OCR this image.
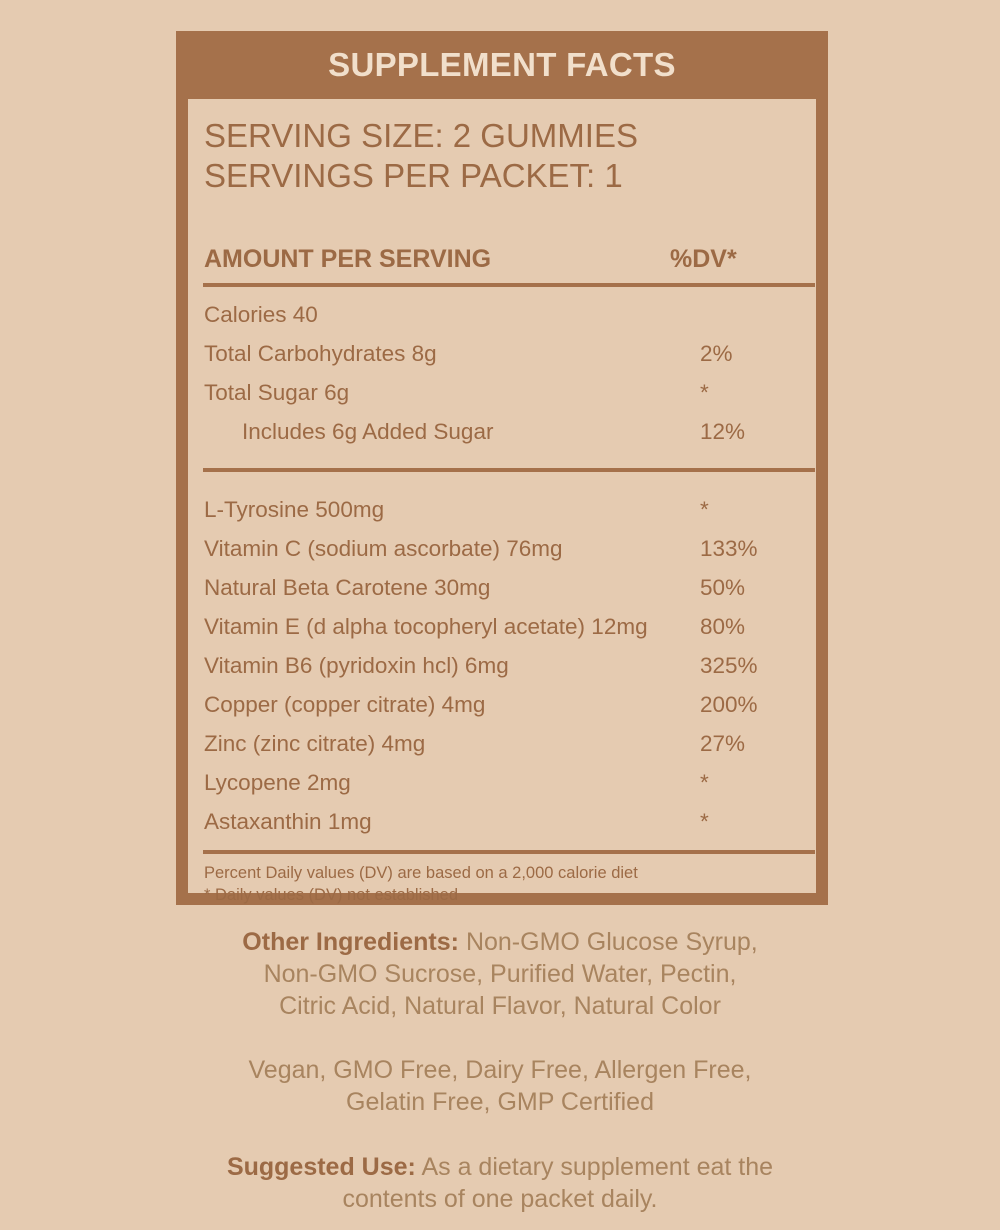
SUPPLEMENT FACTS
SERVING SIZE: 2 GUMMIES
SERVINGS PER PACKET: 1
AMOUNT PER SERVING	%DV*
Calories 40
Total Carbohydrates 8g	2%
Total Sugar 6g	*
Includes 6g Added Sugar	12%
L-Tyrosine 500mg	*
Vitamin C (sodium ascorbate) 76mg	133%
Natural Beta Carotene 30mg	50%
Vitamin E (d alpha tocopheryl acetate) 12mg 80%
Vitamin B6 (pyridoxin hcl) 6mg	325%
Copper (copper citrate) 4mg	200%
Zinc (zinc citrate) 4mg	27%
Lycopene 2mg	*
Astaxanthin 1mg	*
Percent Daily values (DV) are based on a 2,000 calorie diet
* Daily values (DV) not established
Other Ingredients: Non-GMO Glucose Syrup,
Non-GMO Sucrose, Purified Water, Pectin,
Citric Acid, Natural Flavor, Natural Color
Vegan, GMO Free, Dairy Free, Allergen Free,
Gelatin Free, GMP Certified
Suggested Use: As a dietary supplement eat the
contents of one packet daily.
